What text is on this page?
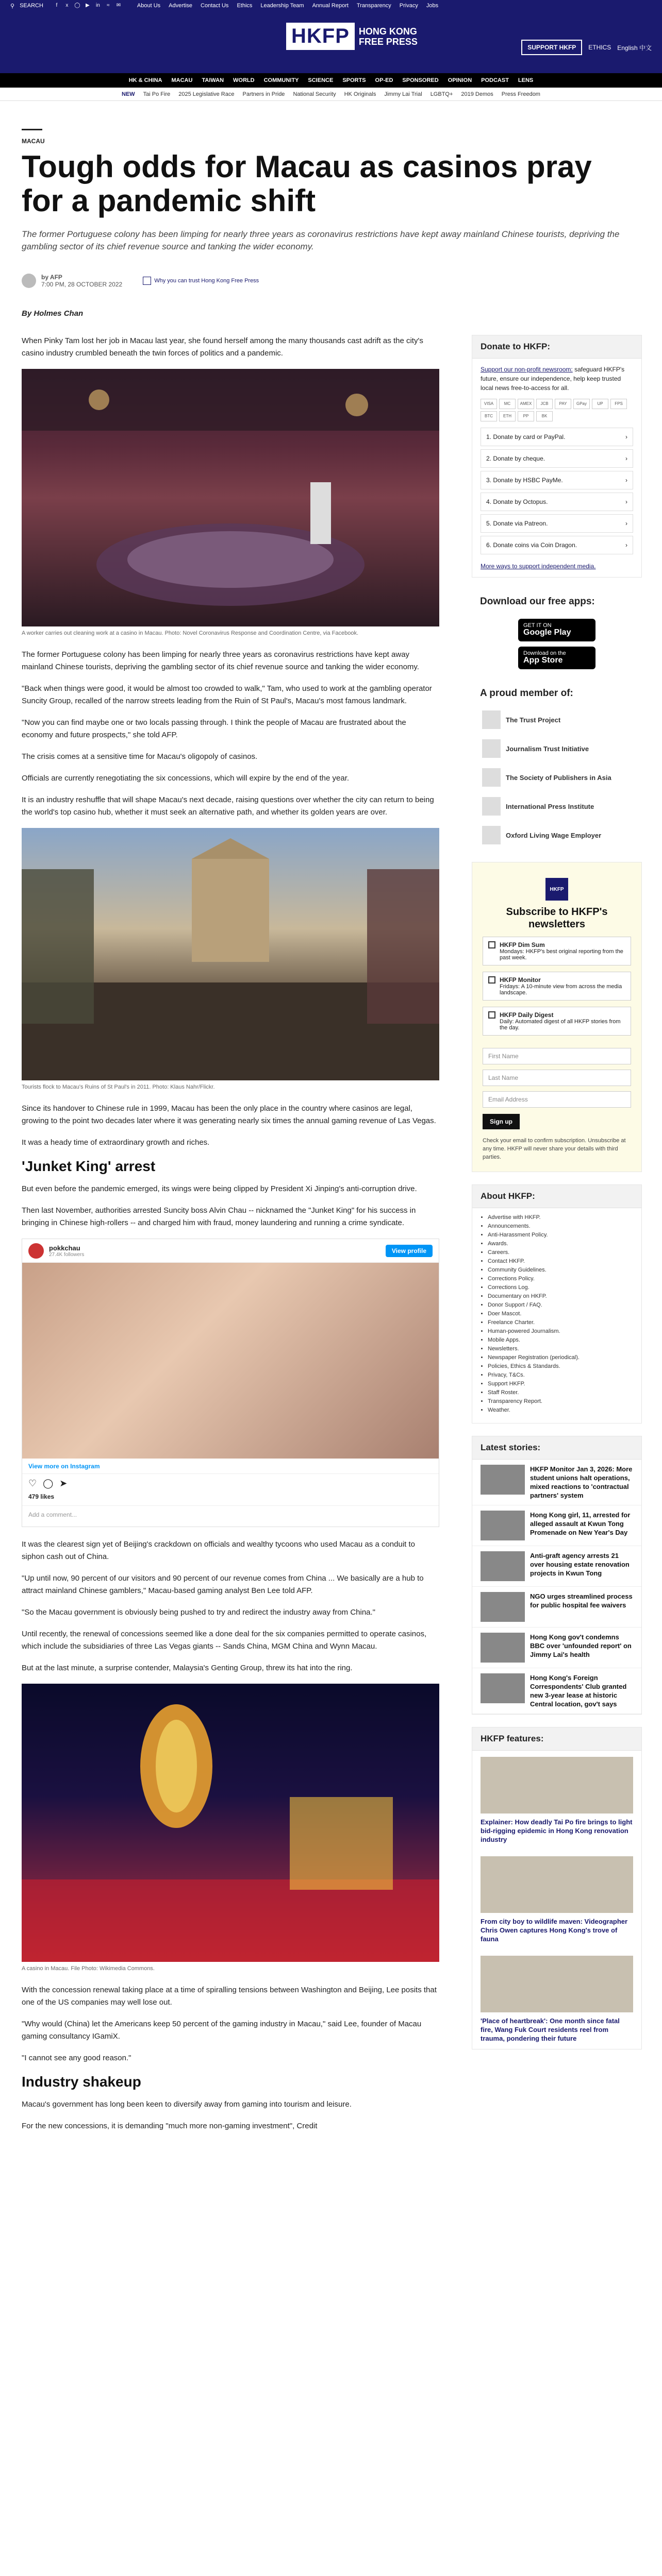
⚲ SEARCH	f	x	◯ ▶ in	≈	✉	About Us Advertise Contact Us Ethics Leadership Team Annual Report Transparency Privacy Jobs
HKFP	HONG KONG
FREE PRESS
SUPPORT HKFP	ETHICS English 中文
HK & CHINA MACAU TAIWAN WORLD COMMUNITY SCIENCE SPORTS OP-ED SPONSORED OPINION PODCAST LENS
NEW Tai Po Fire 2025 Legislative Race Partners in Pride National Security HK Originals Jimmy Lai Trial LGBTQ+ 2019 Demos Press Freedom
MACAU
Tough odds for Macau as casinos pray for a pandemic shift

The former Portuguese colony has been limping for nearly three years as coronavirus restrictions have kept away mainland Chinese tourists, depriving the gambling sector of its chief revenue source and tanking the wider economy.

by AFP
7:00 PM, 28 OCTOBER 2022	Why you can trust Hong Kong Free Press
By Holmes Chan

When Pinky Tam lost her job in Macau last year, she found herself among the many thousands cast adrift as the city's casino industry crumbled beneath the twin forces of politics and a pandemic.

A worker carries out cleaning work at a casino in Macau. Photo: Novel Coronavirus Response and Coordination Centre, via Facebook.

The former Portuguese colony has been limping for nearly three years as coronavirus restrictions have kept away mainland Chinese tourists, depriving the gambling sector of its chief revenue source and tanking the wider economy.

"Back when things were good, it would be almost too crowded to walk," Tam, who used to work at the gambling operator Suncity Group, recalled of the narrow streets leading from the Ruin of St Paul's, Macau's most famous landmark.

"Now you can find maybe one or two locals passing through. I think the people of Macau are frustrated about the economy and future prospects," she told AFP.

The crisis comes at a sensitive time for Macau's oligopoly of casinos.

Officials are currently renegotiating the six concessions, which will expire by the end of the year.

It is an industry reshuffle that will shape Macau's next decade, raising questions over whether the city can return to being the world's top casino hub, whether it must seek an alternative path, and whether its golden years are over.

Tourists flock to Macau's Ruins of St Paul's in 2011. Photo: Klaus Nahr/Flickr.

Since its handover to Chinese rule in 1999, Macau has been the only place in the country where casinos are legal, growing to the point two decades later where it was generating nearly six times the annual gaming revenue of Las Vegas.

It was a heady time of extraordinary growth and riches.

'Junket King' arrest

But even before the pandemic emerged, its wings were being clipped by President Xi Jinping's anti-corruption drive.

Then last November, authorities arrested Suncity boss Alvin Chau -- nicknamed the "Junket King" for his success in bringing in Chinese high-rollers -- and charged him with fraud, money laundering and running a crime syndicate.

pokkchau
27.4K followers
View profile
View more on Instagram
♡ ◯ ➤
479 likes
Add a comment...

It was the clearest sign yet of Beijing's crackdown on officials and wealthy tycoons who used Macau as a conduit to siphon cash out of China.

"Up until now, 90 percent of our visitors and 90 percent of our revenue comes from China ... We basically are a hub to attract mainland Chinese gamblers," Macau-based gaming analyst Ben Lee told AFP.

"So the Macau government is obviously being pushed to try and redirect the industry away from China."

Until recently, the renewal of concessions seemed like a done deal for the six companies permitted to operate casinos, which include the subsidiaries of three Las Vegas giants -- Sands China, MGM China and Wynn Macau.

But at the last minute, a surprise contender, Malaysia's Genting Group, threw its hat into the ring.

A casino in Macau. File Photo: Wikimedia Commons.

With the concession renewal taking place at a time of spiralling tensions between Washington and Beijing, Lee posits that one of the US companies may well lose out.

"Why would (China) let the Americans keep 50 percent of the gaming industry in Macau," said Lee, founder of Macau gaming consultancy IGamiX.

"I cannot see any good reason."

Industry shakeup

Macau's government has long been keen to diversify away from gaming into tourism and leisure.

For the new concessions, it is demanding "much more non-gaming investment", Credit

Donate to HKFP:
Support our non-profit newsroom: safeguard HKFP's future, ensure our independence, help keep trusted local news free-to-access for all.
VISA	MC	AMEX	JCB	PAY	GPay	UP	FPS
BTC	ETH	PP	BK
1. Donate by card or PayPal.	›
2. Donate by cheque.	›
3. Donate by HSBC PayMe.	›
4. Donate by Octopus.	›
5. Donate via Patreon.	›
6. Donate coins via Coin Dragon.	›
More ways to support independent media.
Download our free apps:
GET IT ON
Google Play
Download on the
App Store
A proud member of:
The Trust Project
Journalism Trust Initiative
The Society of Publishers in Asia
International Press Institute
Oxford Living Wage Employer
HKFP
Subscribe to HKFP's newsletters
HKFP Dim Sum
Mondays: HKFP's best original reporting from the past week.
HKFP Monitor
Fridays: A 10-minute view from across the media landscape.
HKFP Daily Digest
Daily: Automated digest of all HKFP stories from the day.
First Name
Last Name
Email Address
Sign up
Check your email to confirm subscription. Unsubscribe at any time. HKFP will never share your details with third parties.
About HKFP:
• Advertise with HKFP.
• Announcements.
• Anti-Harassment Policy.
• Awards.
• Careers.
• Contact HKFP.
• Community Guidelines.
• Corrections Policy.
• Corrections Log.
• Documentary on HKFP.
• Donor Support / FAQ.
• Doer Mascot.
• Freelance Charter.
• Human-powered Journalism.
• Mobile Apps.
• Newsletters.
• Newspaper Registration (periodical).
• Policies, Ethics & Standards.
• Privacy, T&Cs.
• Support HKFP.
• Staff Roster.
• Transparency Report.
• Weather.
Latest stories:
HKFP Monitor Jan 3, 2026: More student unions halt operations, mixed reactions to 'contractual partners' system
Hong Kong girl, 11, arrested for alleged assault at Kwun Tong Promenade on New Year's Day
Anti-graft agency arrests 21 over housing estate renovation projects in Kwun Tong
NGO urges streamlined process for public hospital fee waivers
Hong Kong gov't condemns BBC over 'unfounded report' on Jimmy Lai's health
Hong Kong's Foreign Correspondents' Club granted new 3-year lease at historic Central location, gov't says
HKFP features:
Explainer: How deadly Tai Po fire brings to light bid-rigging epidemic in Hong Kong renovation industry
From city boy to wildlife maven: Videographer Chris Owen captures Hong Kong's trove of fauna
'Place of heartbreak': One month since fatal fire, Wang Fuk Court residents reel from trauma, pondering their future
